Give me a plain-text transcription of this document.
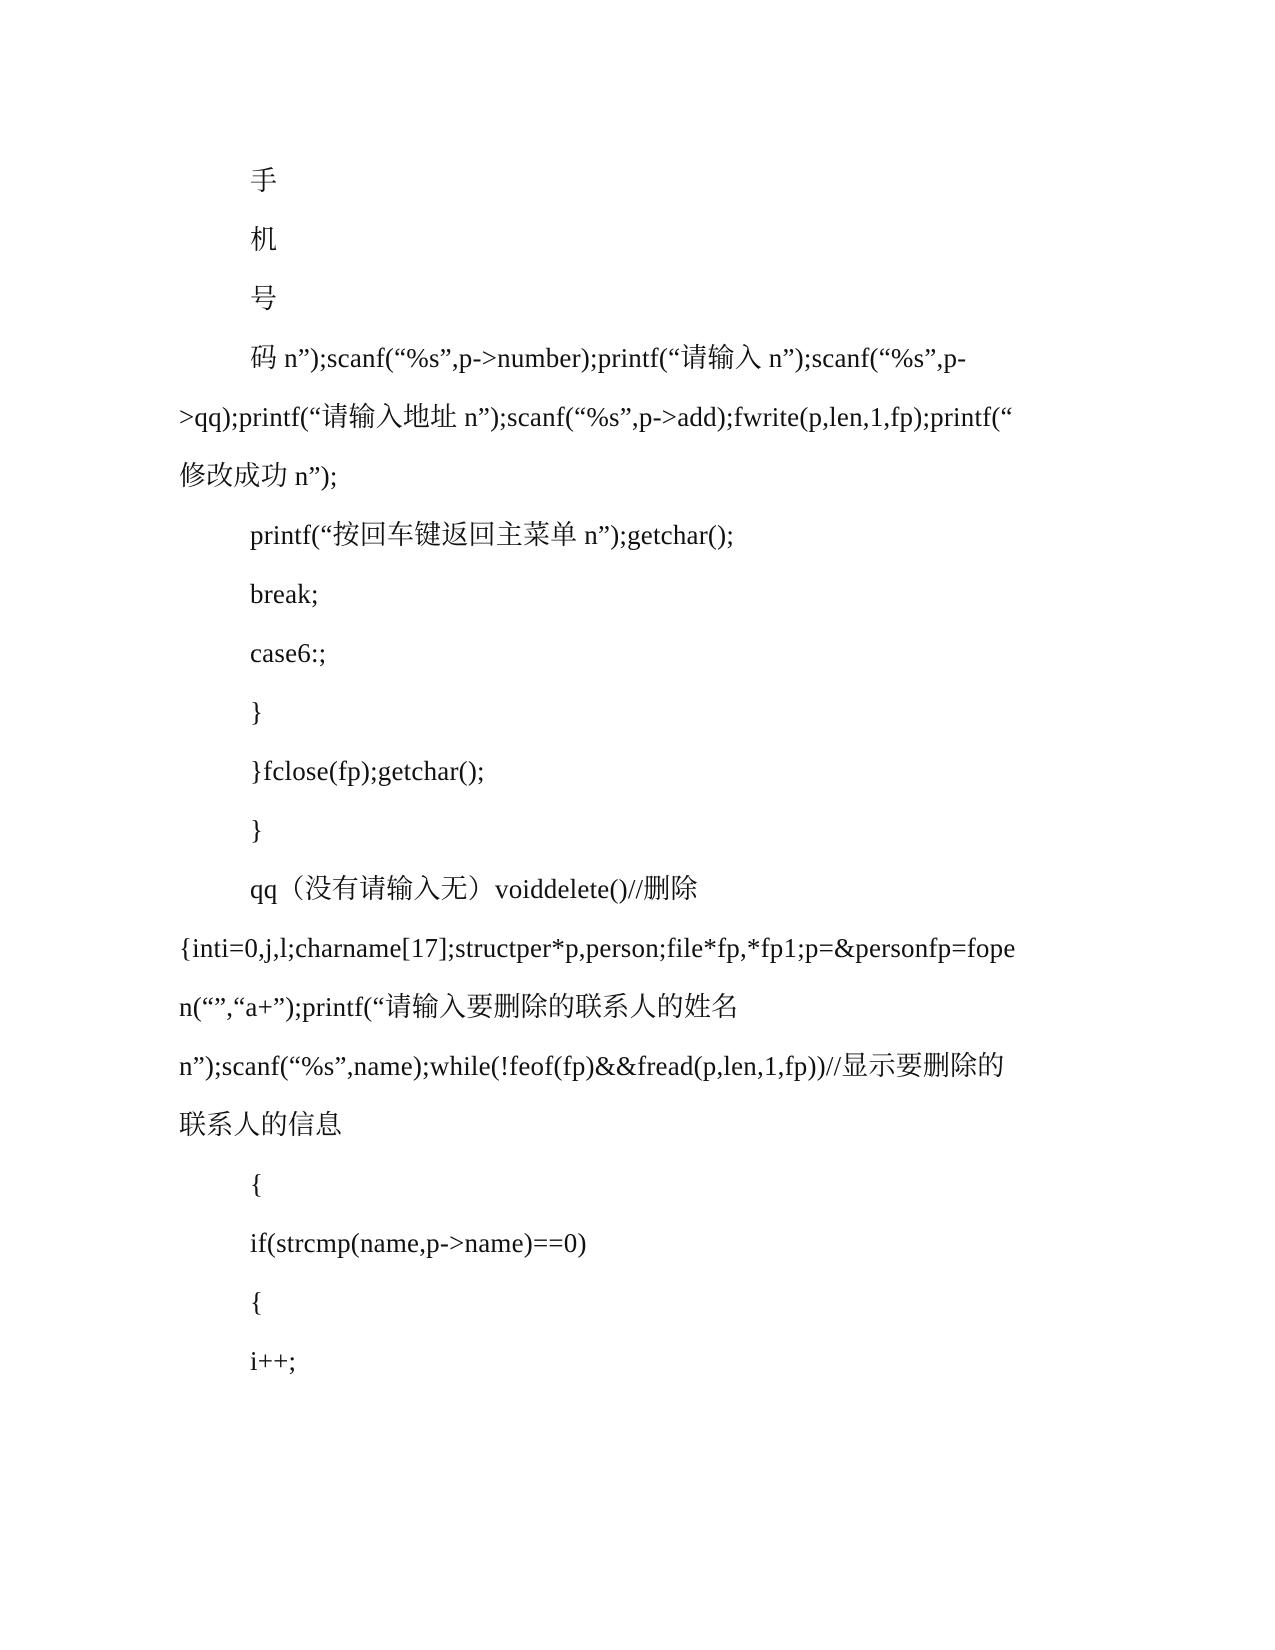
手
机
号
码 n”);scanf(“%s”,p->number);printf(“请输入 n”);scanf(“%s”,p-
>qq);printf(“请输入地址 n”);scanf(“%s”,p->add);fwrite(p,len,1,fp);printf(“
修改成功 n”);
printf(“按回车键返回主菜单 n”);getchar();
break;
case6:;
}
}fclose(fp);getchar();
}
qq（没有请输入无）voiddelete()//删除
{inti=0,j,l;charname[17];structper*p,person;file*fp,*fp1;p=&personfp=fope
n(“”,“a+”);printf(“请输入要删除的联系人的姓名
n”);scanf(“%s”,name);while(!feof(fp)&&fread(p,len,1,fp))//显示要删除的
联系人的信息
{
if(strcmp(name,p->name)==0)
{
i++;
